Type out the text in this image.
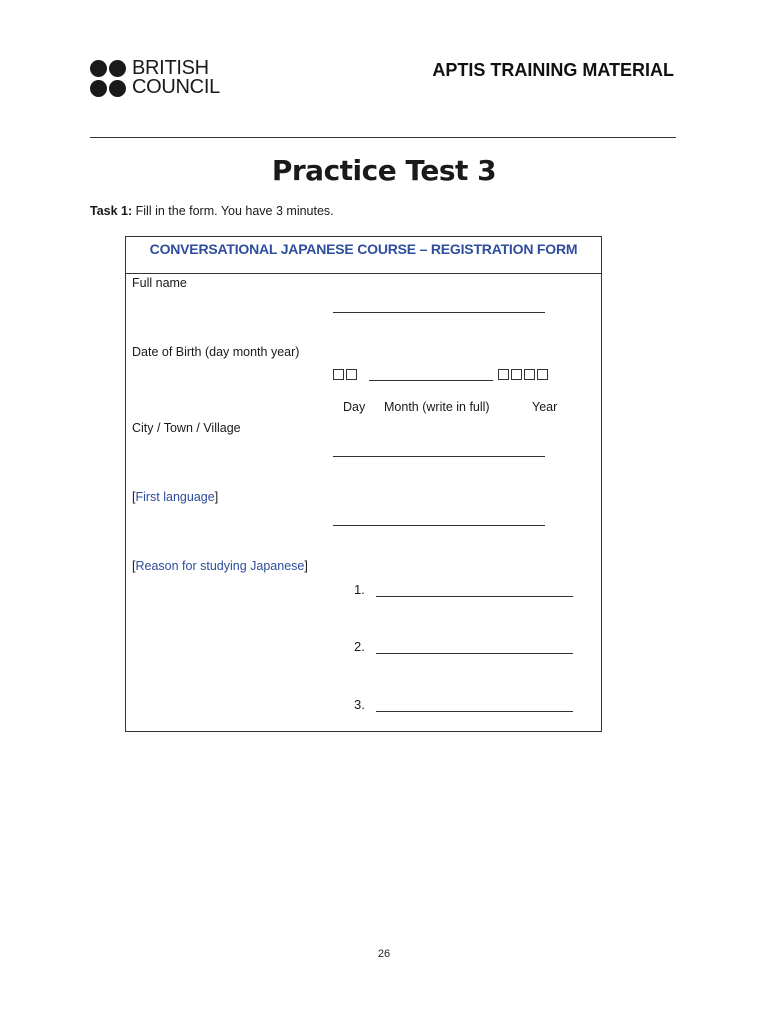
BRITISH
COUNCIL
APTIS TRAINING MATERIAL
Practice Test 3
Task 1: Fill in the form. You have 3 minutes.
CONVERSATIONAL JAPANESE COURSE – REGISTRATION FORM
Full name
Date of Birth (day month year)
Day Month (write in full)	Year
City / Town / Village
[First language]
[Reason for studying Japanese]
1.
2.
3.
26
